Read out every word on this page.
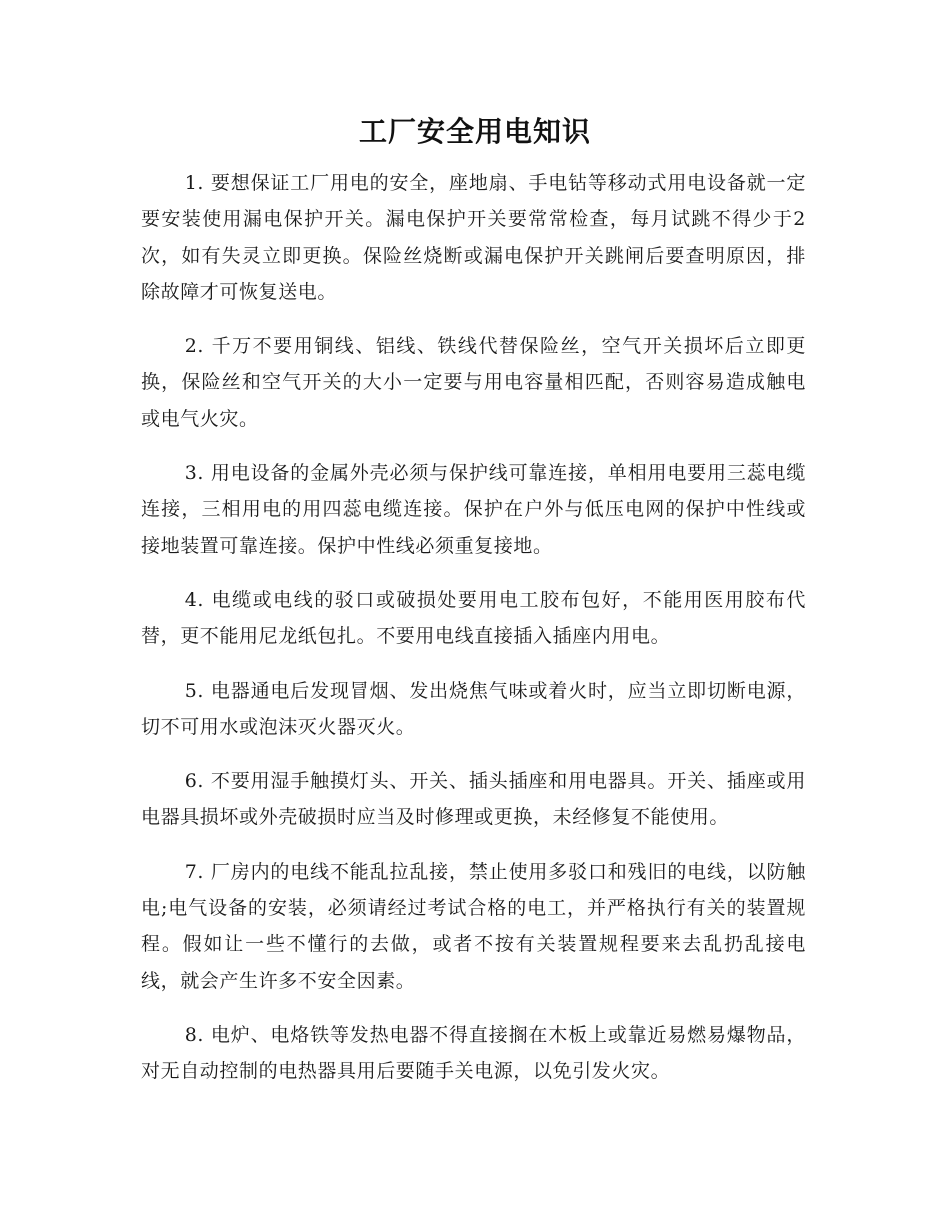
工厂安全用电知识

1. 要想保证工厂用电的安全，座地扇、手电钻等移动式用电设备就一定要安装使用漏电保护开关。漏电保护开关要常常检查，每月试跳不得少于2次，如有失灵立即更换。保险丝烧断或漏电保护开关跳闸后要查明原因，排除故障才可恢复送电。

2. 千万不要用铜线、铝线、铁线代替保险丝，空气开关损坏后立即更换，保险丝和空气开关的大小一定要与用电容量相匹配，否则容易造成触电或电气火灾。

3. 用电设备的金属外壳必须与保护线可靠连接，单相用电要用三蕊电缆连接，三相用电的用四蕊电缆连接。保护在户外与低压电网的保护中性线或接地装置可靠连接。保护中性线必须重复接地。

4. 电缆或电线的驳口或破损处要用电工胶布包好，不能用医用胶布代替，更不能用尼龙纸包扎。不要用电线直接插入插座内用电。

5. 电器通电后发现冒烟、发出烧焦气味或着火时，应当立即切断电源，切不可用水或泡沫灭火器灭火。

6. 不要用湿手触摸灯头、开关、插头插座和用电器具。开关、插座或用电器具损坏或外壳破损时应当及时修理或更换，未经修复不能使用。

7. 厂房内的电线不能乱拉乱接，禁止使用多驳口和残旧的电线，以防触电;电气设备的安装，必须请经过考试合格的电工，并严格执行有关的装置规程。假如让一些不懂行的去做，或者不按有关装置规程要来去乱扔乱接电线，就会产生许多不安全因素。

8. 电炉、电烙铁等发热电器不得直接搁在木板上或靠近易燃易爆物品，对无自动控制的电热器具用后要随手关电源，以免引发火灾。
